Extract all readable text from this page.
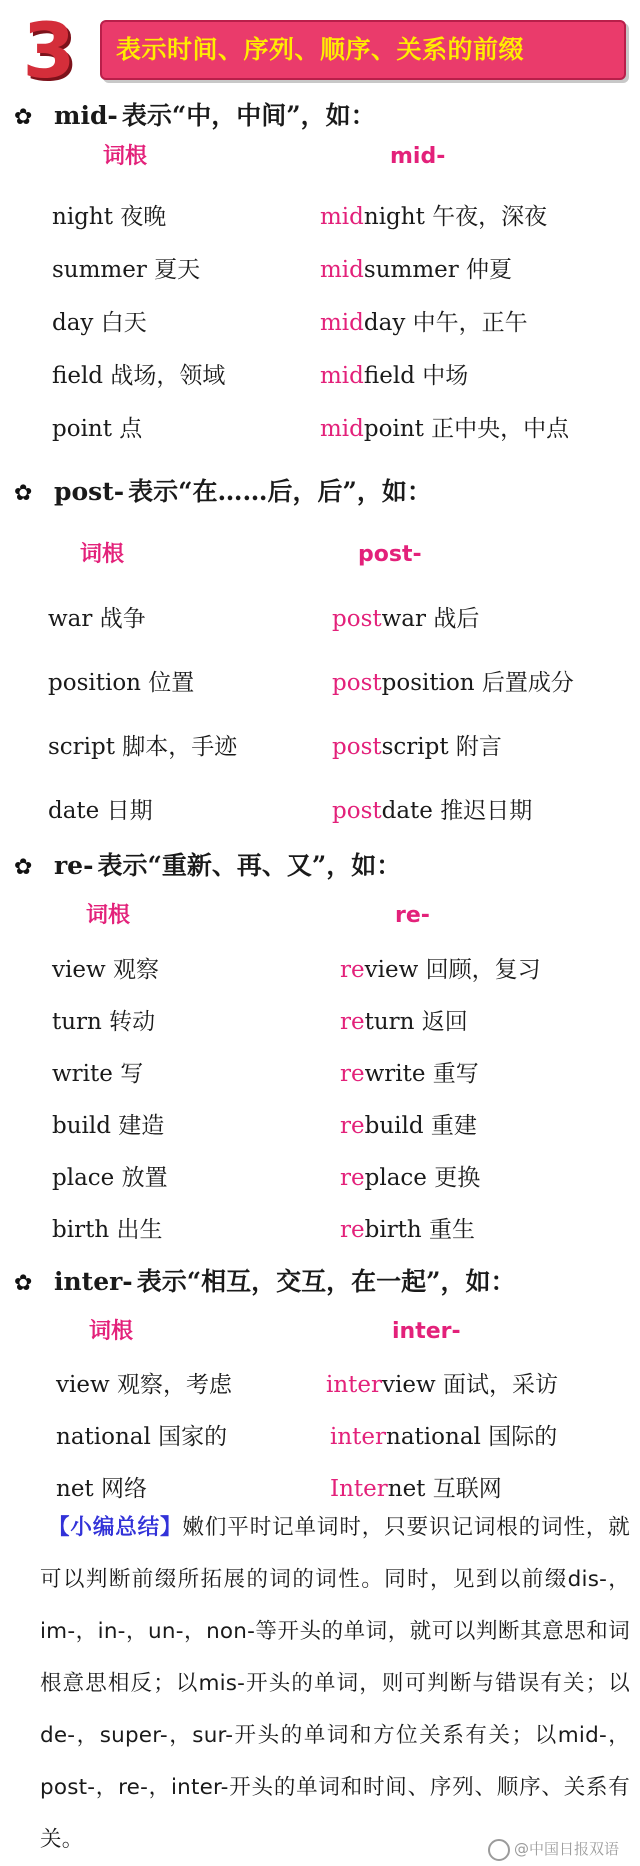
3	表示时间、序列、顺序、关系的前缀
✿ mid- 表示“中，中间”，如：
词根	mid-
night 夜晚	midnight 午夜，深夜
summer 夏天	midsummer 仲夏
day 白天	midday 中午，正午
field 战场，领域	midfield 中场
point 点	midpoint 正中央，中点
✿ post- 表示“在……后，后”，如：
词根	post-
war 战争	postwar 战后
position 位置	postposition 后置成分
script 脚本，手迹	postscript 附言
date 日期	postdate 推迟日期
✿ re- 表示“重新、再、又”，如：
词根	re-
view 观察	review 回顾，复习
turn 转动	return 返回
write 写	rewrite 重写
build 建造	rebuild 重建
place 放置	replace 更换
birth 出生	rebirth 重生
✿ inter- 表示“相互，交互，在一起”，如：
词根	inter-
view 观察，考虑	interview 面试，采访
national 国家的	international 国际的
net 网络	Internet 互联网
【小编总结】嫩们平时记单词时，只要识记词根的词性，就可以判断前缀所拓展的词的词性。同时，见到以前缀dis-，im-，in-，un-，non-等开头的单词，就可以判断其意思和词根意思相反；以mis-开头的单词，则可判断与错误有关；以de-，super-，sur-开头的单词和方位关系有关；以mid-，post-，re-，inter-开头的单词和时间、序列、顺序、关系有关。	@中国日报双语
